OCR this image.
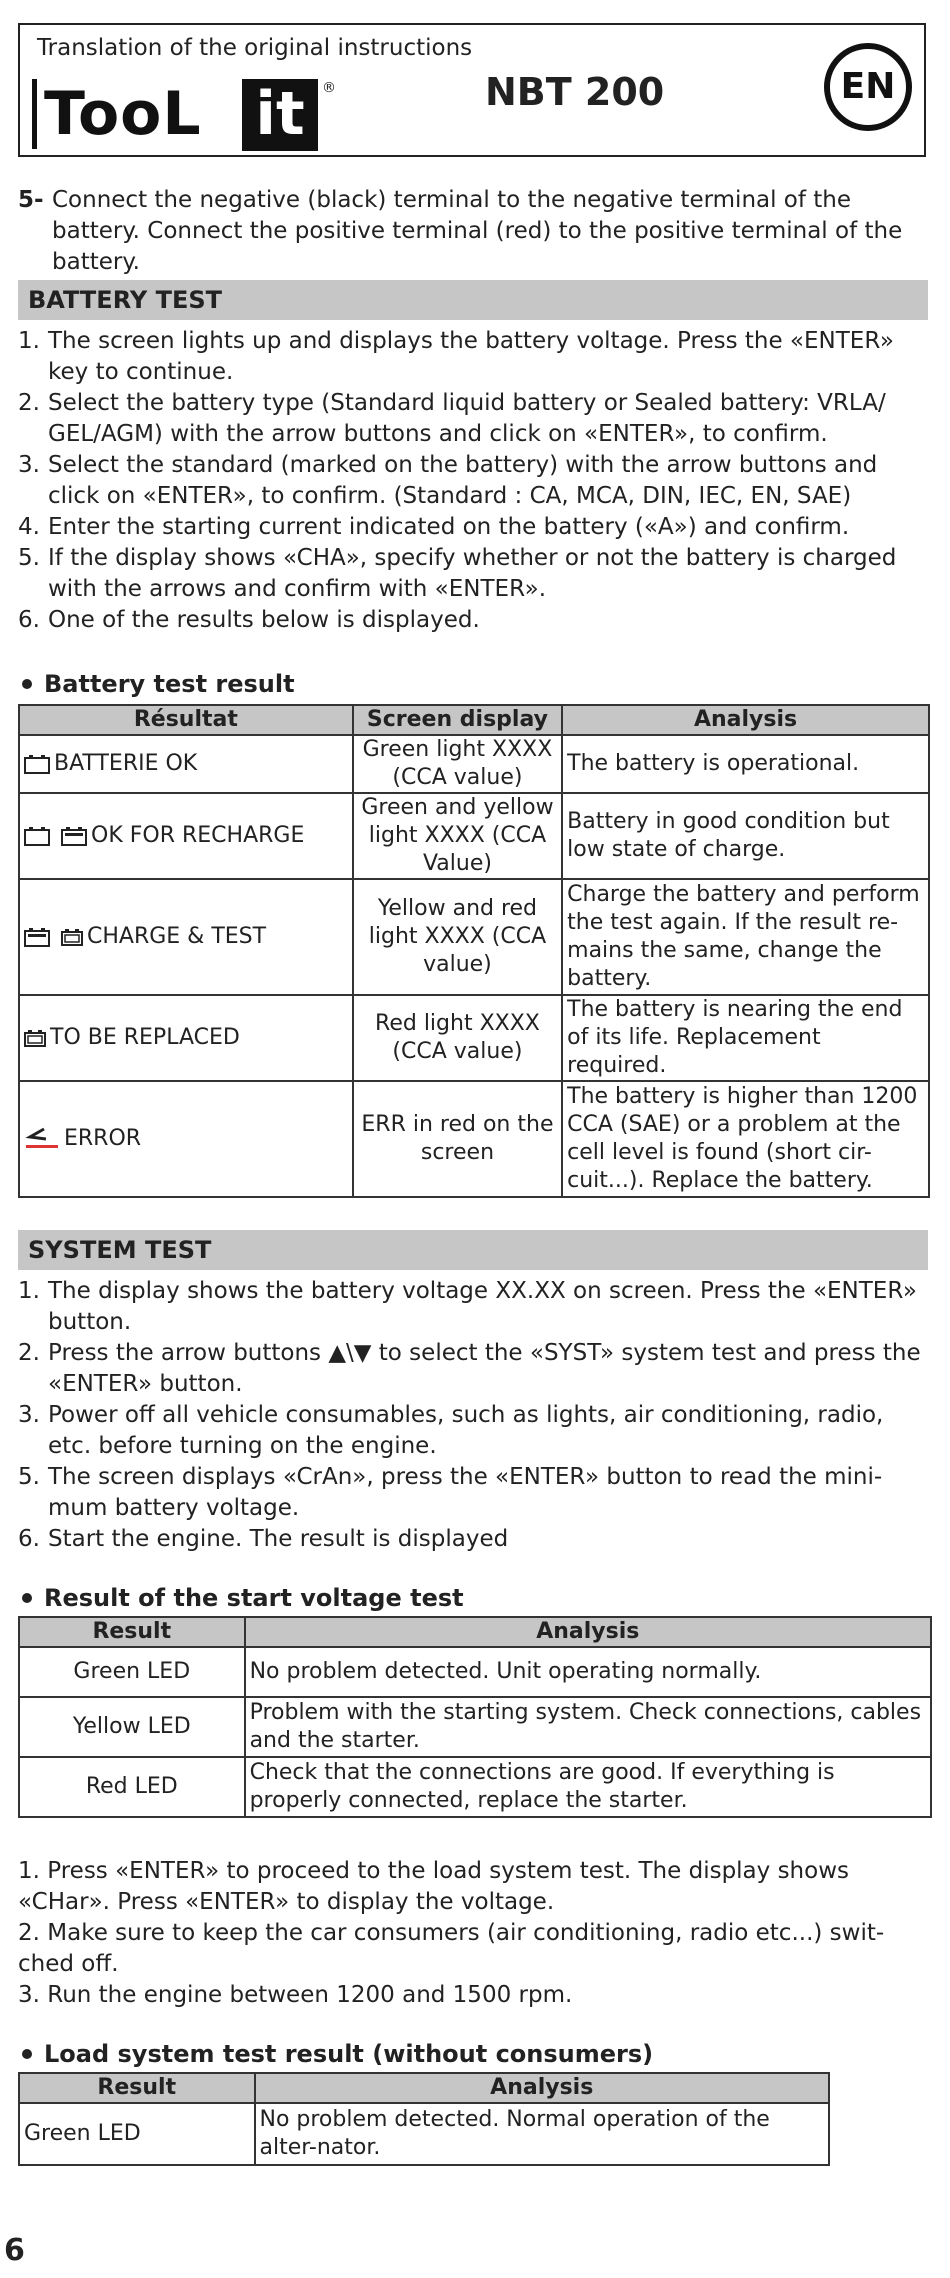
Translation of the original instructions
TooL it	®	NBT 200	EN
5- Connect the negative (black) terminal to the negative terminal of the battery. Connect the positive terminal (red) to the positive terminal of the battery.
BATTERY TEST
1. The screen lights up and displays the battery voltage. Press the «ENTER» key to continue.
2. Select the battery type (Standard liquid battery or Sealed battery: VRLA/ GEL/AGM) with the arrow buttons and click on «ENTER», to confirm.
3. Select the standard (marked on the battery) with the arrow buttons and click on «ENTER», to confirm. (Standard : CA, MCA, DIN, IEC, EN, SAE)
4. Enter the starting current indicated on the battery («A») and confirm.
5. If the display shows «CHA», specify whether or not the battery is charged with the arrows and confirm with «ENTER».
6. One of the results below is displayed.
Battery test result
Résultat	Screen display	Analysis
BATTERIE OK	Green light XXXX (CCA value)	The battery is operational.
OK FOR RECHARGE	Green and yellow light XXXX (CCA Value)	Battery in good condition but low state of charge.
CHARGE & TEST	Yellow and red light XXXX (CCA value)	Charge the battery and perform the test again. If the result re-mains the same, change the battery.
TO BE REPLACED	Red light XXXX (CCA value)	The battery is nearing the end of its life. Replacement required.
ERROR	ERR in red on the screen	The battery is higher than 1200 CCA (SAE) or a problem at the cell level is found (short cir-cuit...). Replace the battery.
SYSTEM TEST
1. The display shows the battery voltage XX.XX on screen. Press the «ENTER» button.
2. Press the arrow buttons ▲\▼ to select the «SYST» system test and press the «ENTER» button.
3. Power off all vehicle consumables, such as lights, air conditioning, radio, etc. before turning on the engine.
5. The screen displays «CrAn», press the «ENTER» button to read the mini-mum battery voltage.
6. Start the engine. The result is displayed
Result of the start voltage test
Result	Analysis
Green LED	No problem detected. Unit operating normally.
Yellow LED	Problem with the starting system. Check connections, cables and the starter.
Red LED	Check that the connections are good. If everything is properly connected, replace the starter.
1. Press «ENTER» to proceed to the load system test. The display shows «CHar». Press «ENTER» to display the voltage.
2. Make sure to keep the car consumers (air conditioning, radio etc...) swit-ched off.
3. Run the engine between 1200 and 1500 rpm.
Load system test result (without consumers)
Result	Analysis
Green LED	No problem detected. Normal operation of the alter-nator.
6
